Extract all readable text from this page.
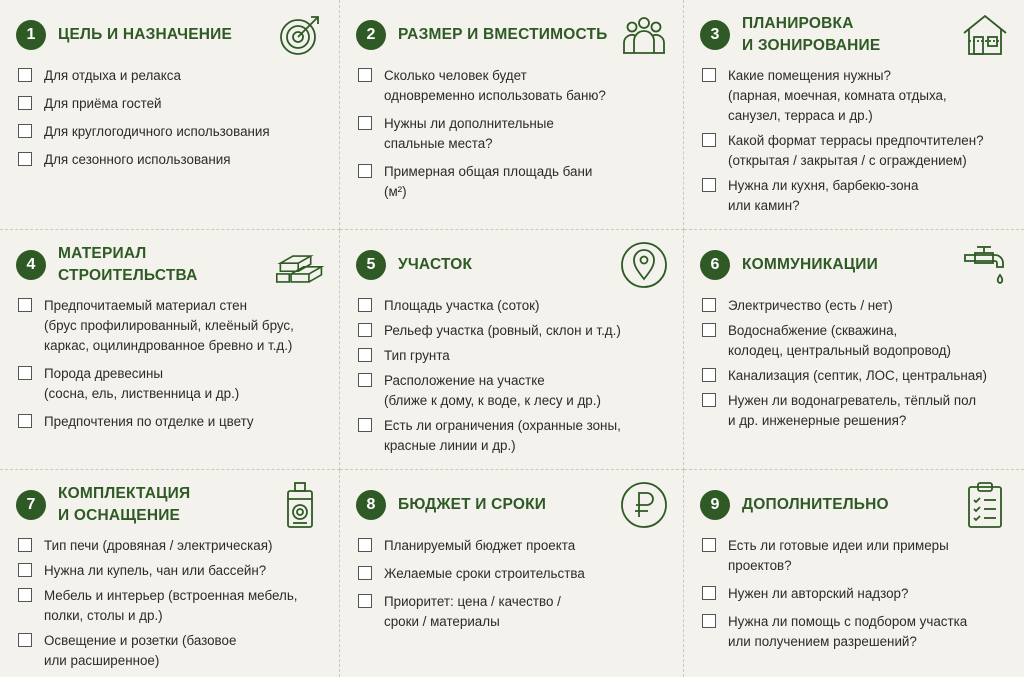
1	ЦЕЛЬ И НАЗНАЧЕНИЕ
Для отдыха и релакса
Для приёма гостей
Для круглогодичного использования
Для сезонного использования
2	РАЗМЕР И ВМЕСТИМОСТЬ
Сколько человек будет
одновременно использовать баню?
Нужны ли дополнительные
спальные места?
Примерная общая площадь бани
(м²)
3
ПЛАНИРОВКА
И ЗОНИРОВАНИЕ
Какие помещения нужны?
(парная, моечная, комната отдыха,
санузел, терраса и др.)
Какой формат террасы предпочтителен?
(открытая / закрытая / с ограждением)
Нужна ли кухня, барбекю-зона
или камин?
4
МАТЕРИАЛ
СТРОИТЕЛЬСТВА
Предпочитаемый материал стен
(брус профилированный, клеёный брус,
каркас, оцилиндрованное бревно и т.д.)
Порода древесины
(сосна, ель, лиственница и др.)
Предпочтения по отделке и цвету
5	УЧАСТОК
Площадь участка (соток)
Рельеф участка (ровный, склон и т.д.)
Тип грунта
Расположение на участке
(ближе к дому, к воде, к лесу и др.)
Есть ли ограничения (охранные зоны,
красные линии и др.)
6	КОММУНИКАЦИИ
Электричество (есть / нет)
Водоснабжение (скважина,
колодец, центральный водопровод)
Канализация (септик, ЛОС, центральная)
Нужен ли водонагреватель, тёплый пол
и др. инженерные решения?
7
КОМПЛЕКТАЦИЯ
И ОСНАЩЕНИЕ
Тип печи (дровяная / электрическая)
Нужна ли купель, чан или бассейн?
Мебель и интерьер (встроенная мебель,
полки, столы и др.)
Освещение и розетки (базовое
или расширенное)
8	БЮДЖЕТ И СРОКИ
Планируемый бюджет проекта
Желаемые сроки строительства
Приоритет: цена / качество /
сроки / материалы
9	ДОПОЛНИТЕЛЬНО
Есть ли готовые идеи или примеры
проектов?
Нужен ли авторский надзор?
Нужна ли помощь с подбором участка
или получением разрешений?
